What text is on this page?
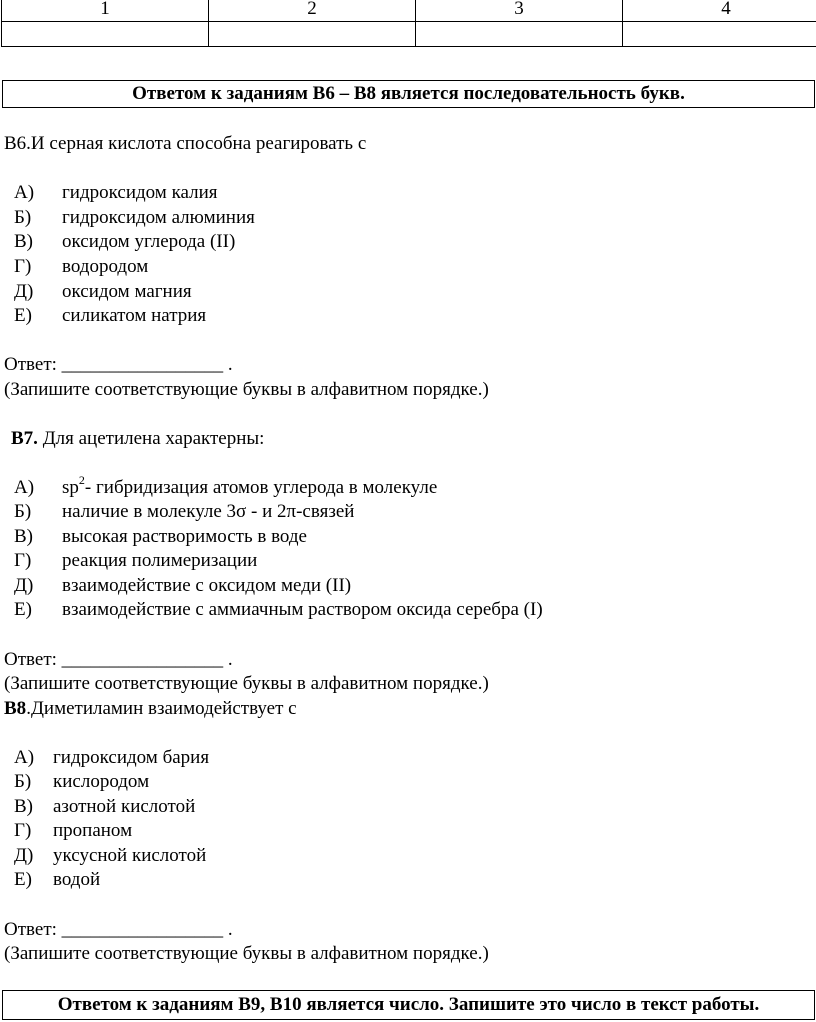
1	2	3	4

Ответом к заданиям В6 – В8 является последовательность букв.
В6.И серная кислота способна реагировать с
А) гидроксидом калия
Б) гидроксидом алюминия
В) оксидом углерода (II)
Г) водородом
Д) оксидом магния
Е) силикатом натрия
Ответ: _________________ .
(Запишите соответствующие буквы в алфавитном порядке.)
В7. Для ацетилена характерны:
А) $sp^2-$ гибридизация атомов углерода в молекуле
Б) наличие в молекуле 3σ - и 2π-связей
В) высокая растворимость в воде
Г) реакция полимеризации
Д) взаимодействие с оксидом меди (II)
Е) взаимодействие с аммиачным раствором оксида серебра (I)
Ответ: _________________ .
(Запишите соответствующие буквы в алфавитном порядке.)
В8.Диметиламин взаимодействует с
А) гидроксидом бария
Б) кислородом
В) азотной кислотой
Г) пропаном
Д) уксусной кислотой
Е) водой
Ответ: _________________ .
(Запишите соответствующие буквы в алфавитном порядке.)
Ответом к заданиям В9, В10 является число. Запишите это число в текст работы.
